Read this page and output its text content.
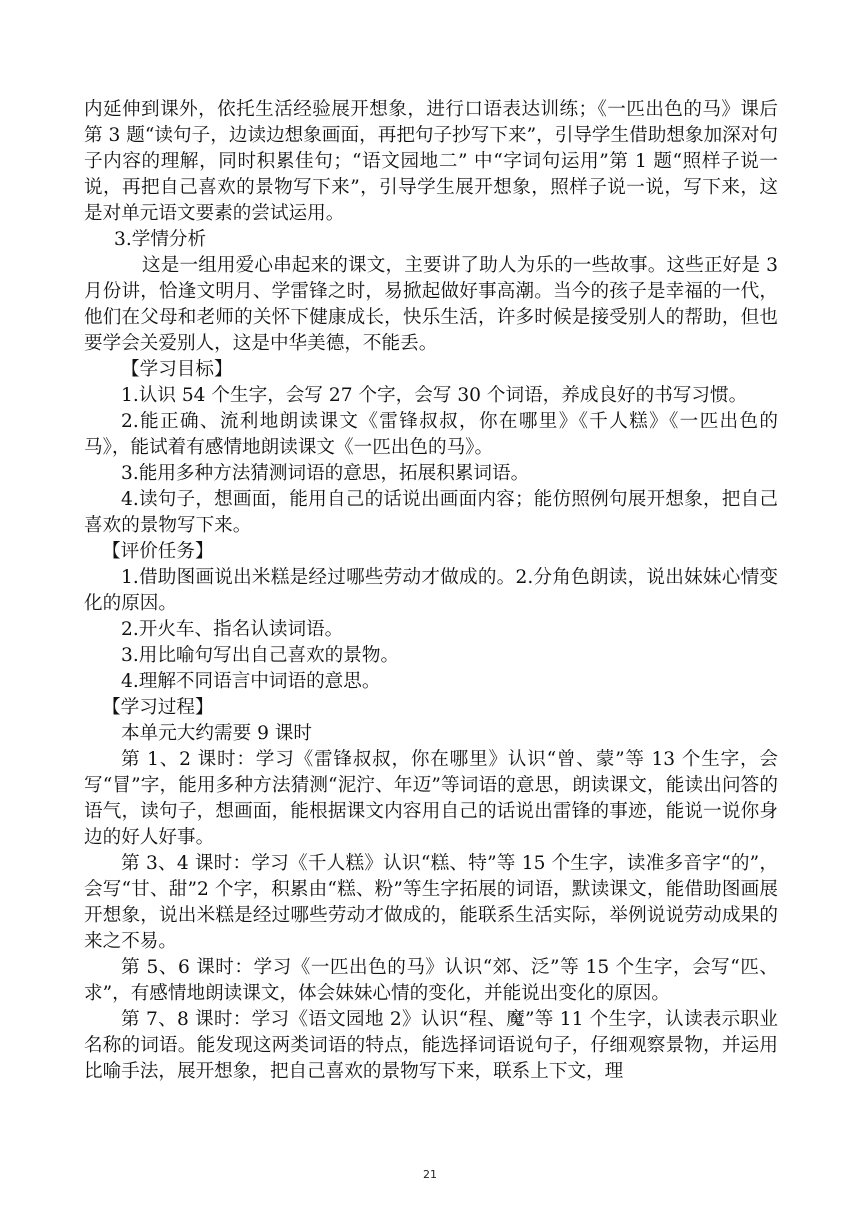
内延伸到课外，依托生活经验展开想象，进行口语表达训练；《一匹出色的马》课后第 3 题“读句子，边读边想象画面，再把句子抄写下来”，引导学生借助想象加深对句子内容的理解，同时积累佳句；“语文园地二” 中“字词句运用”第 1 题“照样子说一说，再把自己喜欢的景物写下来”，引导学生展开想象，照样子说一说，写下来，这是对单元语文要素的尝试运用。

3.学情分析

这是一组用爱心串起来的课文，主要讲了助人为乐的一些故事。这些正好是 3 月份讲，恰逢文明月、学雷锋之时，易掀起做好事高潮。当今的孩子是幸福的一代，他们在父母和老师的关怀下健康成长，快乐生活，许多时候是接受别人的帮助，但也要学会关爱别人，这是中华美德，不能丢。

【学习目标】

1.认识 54 个生字，会写 27 个字，会写 30 个词语，养成良好的书写习惯。

2.能正确、流利地朗读课文《雷锋叔叔，你在哪里》《千人糕》《一匹出色的马》，能试着有感情地朗读课文《一匹出色的马》。

3.能用多种方法猜测词语的意思，拓展积累词语。

4.读句子，想画面，能用自己的话说出画面内容；能仿照例句展开想象，把自己喜欢的景物写下来。

【评价任务】

1.借助图画说出米糕是经过哪些劳动才做成的。2.分角色朗读，说出妹妹心情变化的原因。

2.开火车、指名认读词语。

3.用比喻句写出自己喜欢的景物。

4.理解不同语言中词语的意思。

【学习过程】

本单元大约需要 9 课时

第 1、2 课时：学习《雷锋叔叔，你在哪里》认识“曾、蒙”等 13 个生字，会写“冒”字，能用多种方法猜测“泥泞、年迈”等词语的意思，朗读课文，能读出问答的语气，读句子，想画面，能根据课文内容用自己的话说出雷锋的事迹，能说一说你身边的好人好事。

第 3、4 课时：学习《千人糕》认识“糕、特”等 15 个生字，读准多音字“的”，会写“甘、甜”2 个字，积累由“糕、粉”等生字拓展的词语，默读课文，能借助图画展开想象，说出米糕是经过哪些劳动才做成的，能联系生活实际，举例说说劳动成果的来之不易。

第 5、6 课时：学习《一匹出色的马》认识“郊、泛”等 15 个生字，会写“匹、求”，有感情地朗读课文，体会妹妹心情的变化，并能说出变化的原因。

第 7、8 课时：学习《语文园地 2》认识“程、魔”等 11 个生字，认读表示职业名称的词语。能发现这两类词语的特点，能选择词语说句子，仔细观察景物，并运用比喻手法，展开想象，把自己喜欢的景物写下来，联系上下文，理

21
